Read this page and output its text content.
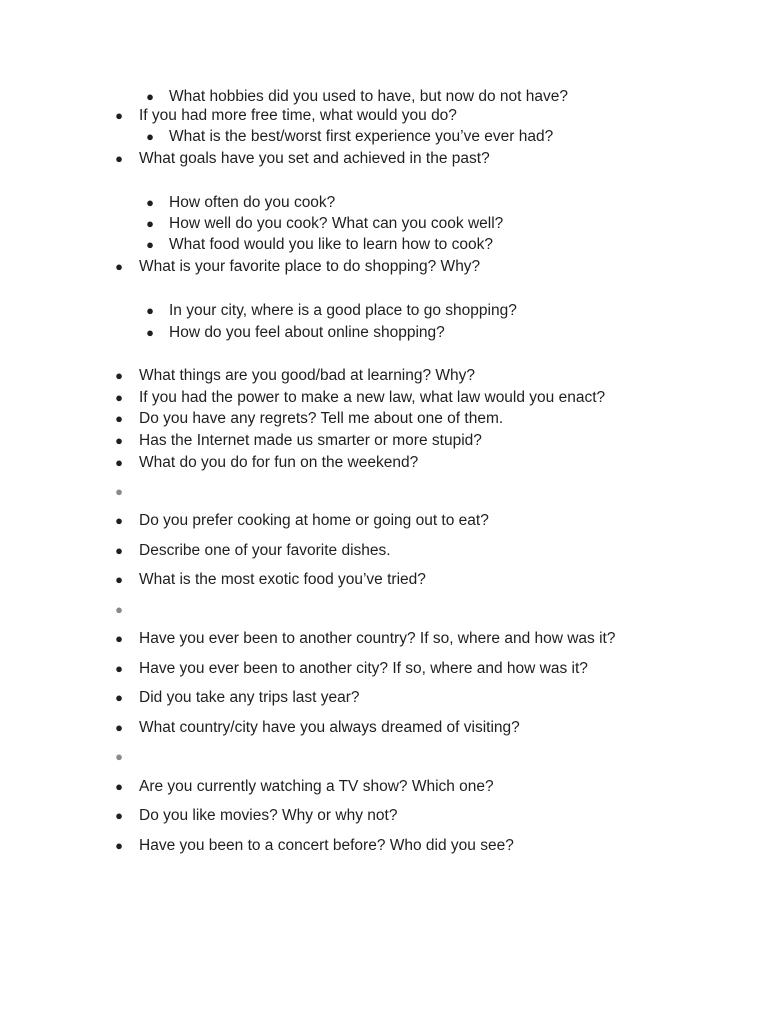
● What hobbies did you used to have, but now do not have?
● If you had more free time, what would you do?
● What is the best/worst first experience you’ve ever had?
● What goals have you set and achieved in the past?
● How often do you cook?
● How well do you cook? What can you cook well?
● What food would you like to learn how to cook?
● What is your favorite place to do shopping? Why?
● In your city, where is a good place to go shopping?
● How do you feel about online shopping?
● What things are you good/bad at learning? Why?
● If you had the power to make a new law, what law would you enact?
● Do you have any regrets? Tell me about one of them.
● Has the Internet made us smarter or more stupid?
● What do you do for fun on the weekend?
●
● Do you prefer cooking at home or going out to eat?
● Describe one of your favorite dishes.
● What is the most exotic food you’ve tried?
●
● Have you ever been to another country? If so, where and how was it?
● Have you ever been to another city? If so, where and how was it?
● Did you take any trips last year?
● What country/city have you always dreamed of visiting?
●
● Are you currently watching a TV show? Which one?
● Do you like movies? Why or why not?
● Have you been to a concert before? Who did you see?
